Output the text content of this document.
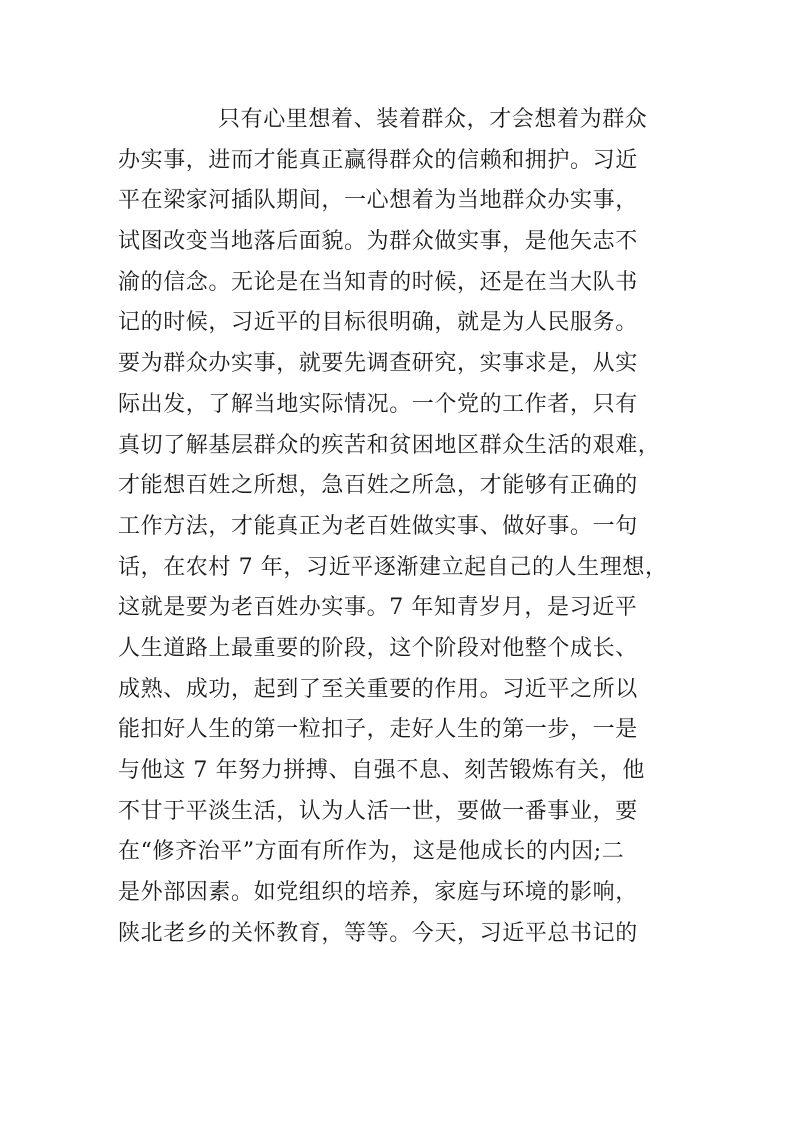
只有心里想着、装着群众，才会想着为群众
办实事，进而才能真正赢得群众的信赖和拥护。习近
平在梁家河插队期间，一心想着为当地群众办实事，
试图改变当地落后面貌。为群众做实事，是他矢志不
渝的信念。无论是在当知青的时候，还是在当大队书
记的时候，习近平的目标很明确，就是为人民服务。
要为群众办实事，就要先调查研究，实事求是，从实
际出发，了解当地实际情况。一个党的工作者，只有
真切了解基层群众的疾苦和贫困地区群众生活的艰难，
才能想百姓之所想，急百姓之所急，才能够有正确的
工作方法，才能真正为老百姓做实事、做好事。一句
话，在农村 7 年，习近平逐渐建立起自己的人生理想，
这就是要为老百姓办实事。7 年知青岁月，是习近平
人生道路上最重要的阶段，这个阶段对他整个成长、
成熟、成功，起到了至关重要的作用。习近平之所以
能扣好人生的第一粒扣子，走好人生的第一步，一是
与他这 7 年努力拼搏、自强不息、刻苦锻炼有关，他
不甘于平淡生活，认为人活一世，要做一番事业，要
在“修齐治平”方面有所作为，这是他成长的内因;二
是外部因素。如党组织的培养，家庭与环境的影响，
陕北老乡的关怀教育，等等。今天，习近平总书记的
